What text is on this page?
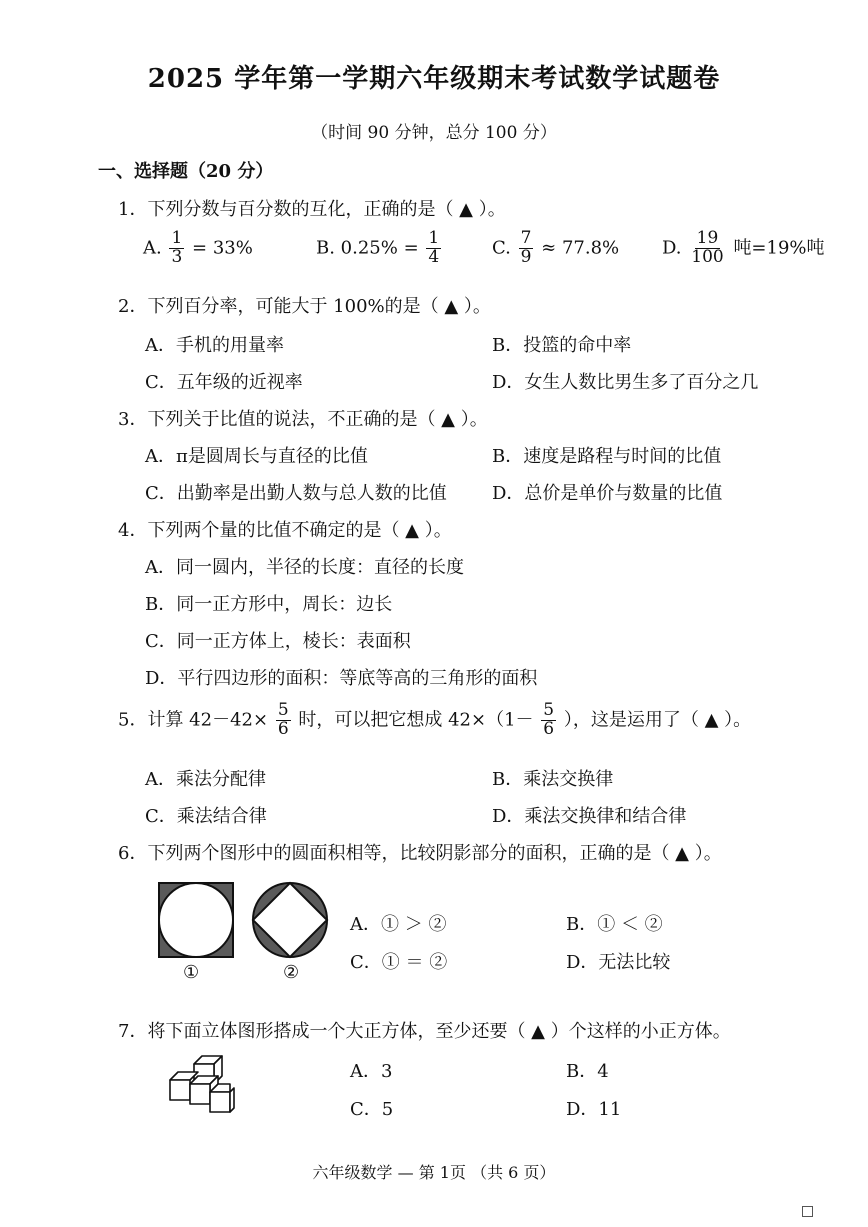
2025 学年第一学期六年级期末考试数学试题卷
（时间 90 分钟，总分 100 分）
一、选择题（20 分）
1．下列分数与百分数的互化，正确的是（ ▲ ）。
A. $\frac{1}{3} = 33\%$	B. $0.25\% = \frac{1}{4}$	C. $\frac{7}{9} \approx 77.8\%$ D. $\frac{19}{100}$ 吨=19%吨
2．下列百分率，可能大于 100%的是（ ▲ ）。
A．手机的用量率	B．投篮的命中率
C．五年级的近视率	D．女生人数比男生多了百分之几
3．下列关于比值的说法，不正确的是（ ▲ ）。
A．π是圆周长与直径的比值	B．速度是路程与时间的比值
C．出勤率是出勤人数与总人数的比值	D．总价是单价与数量的比值
4．下列两个量的比值不确定的是（ ▲ ）。
A．同一圆内，半径的长度：直径的长度
B．同一正方形中，周长：边长
C．同一正方体上，棱长：表面积
D．平行四边形的面积：等底等高的三角形的面积
5．计算 $42-42\times \frac{5}{6}$ 时，可以把它想成 $42\times(1- \frac{5}{6}$ ），这是运用了（ ▲ ）。
A．乘法分配律	B．乘法交换律
C．乘法结合律	D．乘法交换律和结合律
6．下列两个图形中的圆面积相等，比较阴影部分的面积，正确的是（ ▲ ）。
①	②
A．① ＞ ②	B．① ＜ ②
C．① ＝ ②	D．无法比较
7．将下面立体图形搭成一个大正方体，至少还要（ ▲ ）个这样的小正方体。
A．3	B．4
C．5	D．11
六年级数学 — 第 1页 （共 6 页）
